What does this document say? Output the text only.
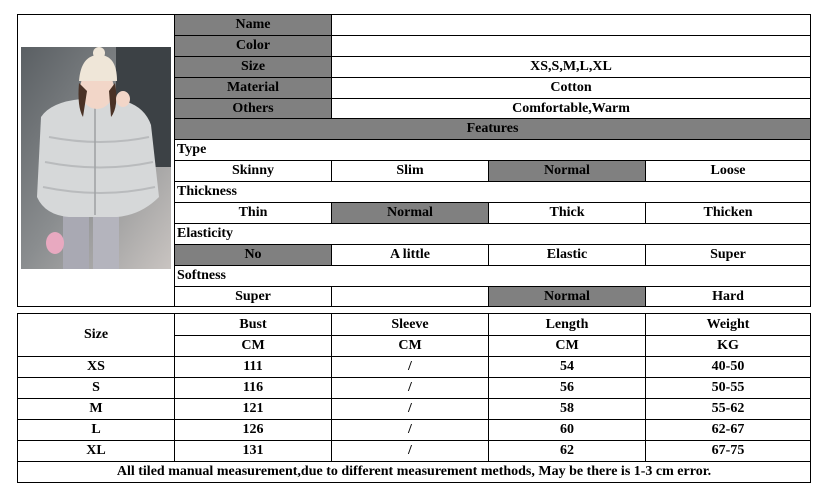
	Name			
	Color			
	Size	XS,S,M,L,XL		
	Material	Cotton		
	Others	Comfortable,Warm		
	Features			
	Type			
	Skinny	Slim	Normal	Loose
	Thickness			
	Thin	Normal	Thick	Thicken
	Elasticity			
	No	A little	Elastic	Super
	Softness			
	Super		Normal	Hard
Size	Bust	Sleeve	Length	Weight
	CM	CM	CM	KG
XS	111	/	54	40-50
S	116	/	56	50-55
M	121	/	58	55-62
L	126	/	60	62-67
XL	131	/	62	67-75
All tiled manual measurement,due to different measurement methods, May be there is 1-3 cm error.				
